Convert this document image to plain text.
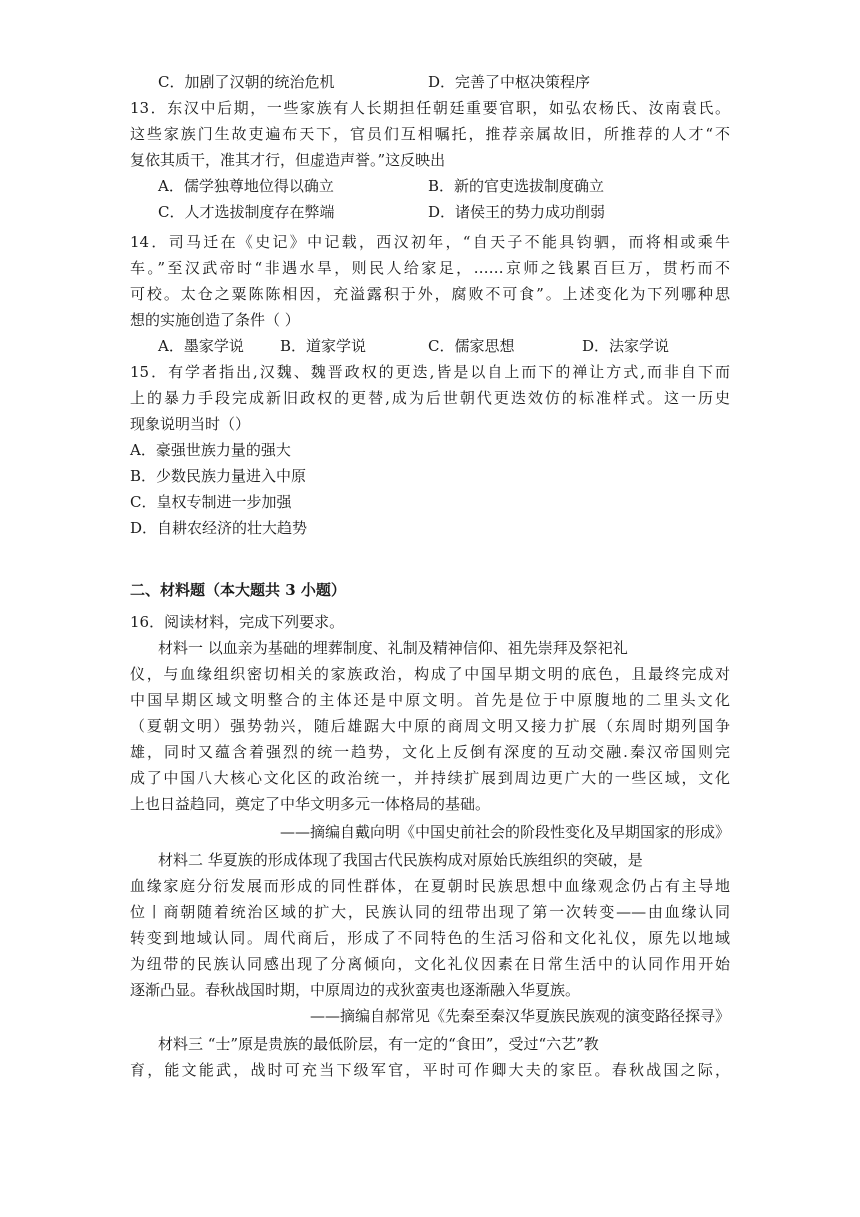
C．加剧了汉朝的统治危机	D．完善了中枢决策程序
13．东汉中后期，一些家族有人长期担任朝廷重要官职，如弘农杨氏、汝南袁氏。
这些家族门生故吏遍布天下，官员们互相嘱托，推荐亲属故旧，所推荐的人才“不
复依其质干，准其才行，但虚造声誉。”这反映出
A．儒学独尊地位得以确立	B．新的官吏选拔制度确立
C．人才选拔制度存在弊端	D．诸侯王的势力成功削弱
14．司马迁在《史记》中记载，西汉初年，“自天子不能具钧驷，而将相或乘牛
车。”至汉武帝时“非遇水旱，则民人给家足，……京师之钱累百巨万，贯朽而不
可校。太仓之粟陈陈相因，充溢露积于外，腐败不可食”。上述变化为下列哪种思
想的实施创造了条件（ ）
A．墨家学说 B．道家学说	C．儒家思想	D．法家学说
15．有学者指出,汉魏、魏晋政权的更迭,皆是以自上而下的禅让方式,而非自下而
上的暴力手段完成新旧政权的更替,成为后世朝代更迭效仿的标准样式。这一历史
现象说明当时（）
A．豪强世族力量的强大
B．少数民族力量进入中原
C．皇权专制进一步加强
D．自耕农经济的壮大趋势
二、材料题（本大题共 3 小题）
16．阅读材料，完成下列要求。
材料一 以血亲为基础的埋葬制度、礼制及精神信仰、祖先崇拜及祭祀礼
仪，与血缘组织密切相关的家族政治，构成了中国早期文明的底色，且最终完成对
中国早期区域文明整合的主体还是中原文明。首先是位于中原腹地的二里头文化
（夏朝文明）强势勃兴，随后雄踞大中原的商周文明又接力扩展（东周时期列国争
雄，同时又蕴含着强烈的统一趋势，文化上反倒有深度的互动交融.秦汉帝国则完
成了中国八大核心文化区的政治统一，并持续扩展到周边更广大的一些区域，文化
上也日益趋同，奠定了中华文明多元一体格局的基础。
——摘编自戴向明《中国史前社会的阶段性变化及早期国家的形成》
材料二 华夏族的形成体现了我国古代民族构成对原始氏族组织的突破，是
血缘家庭分衍发展而形成的同性群体，在夏朝时民族思想中血缘观念仍占有主导地
位丨商朝随着统治区域的扩大，民族认同的纽带出现了第一次转变——由血缘认同
转变到地域认同。周代商后，形成了不同特色的生活习俗和文化礼仪，原先以地域
为纽带的民族认同感出现了分离倾向，文化礼仪因素在日常生活中的认同作用开始
逐渐凸显。春秋战国时期，中原周边的戎狄蛮夷也逐渐融入华夏族。
——摘编自郝常见《先秦至秦汉华夏族民族观的演变路径探寻》
材料三 “士”原是贵族的最低阶层，有一定的“食田”，受过“六艺”教
育，能文能武，战时可充当下级军官，平时可作卿大夫的家臣。春秋战国之际，
